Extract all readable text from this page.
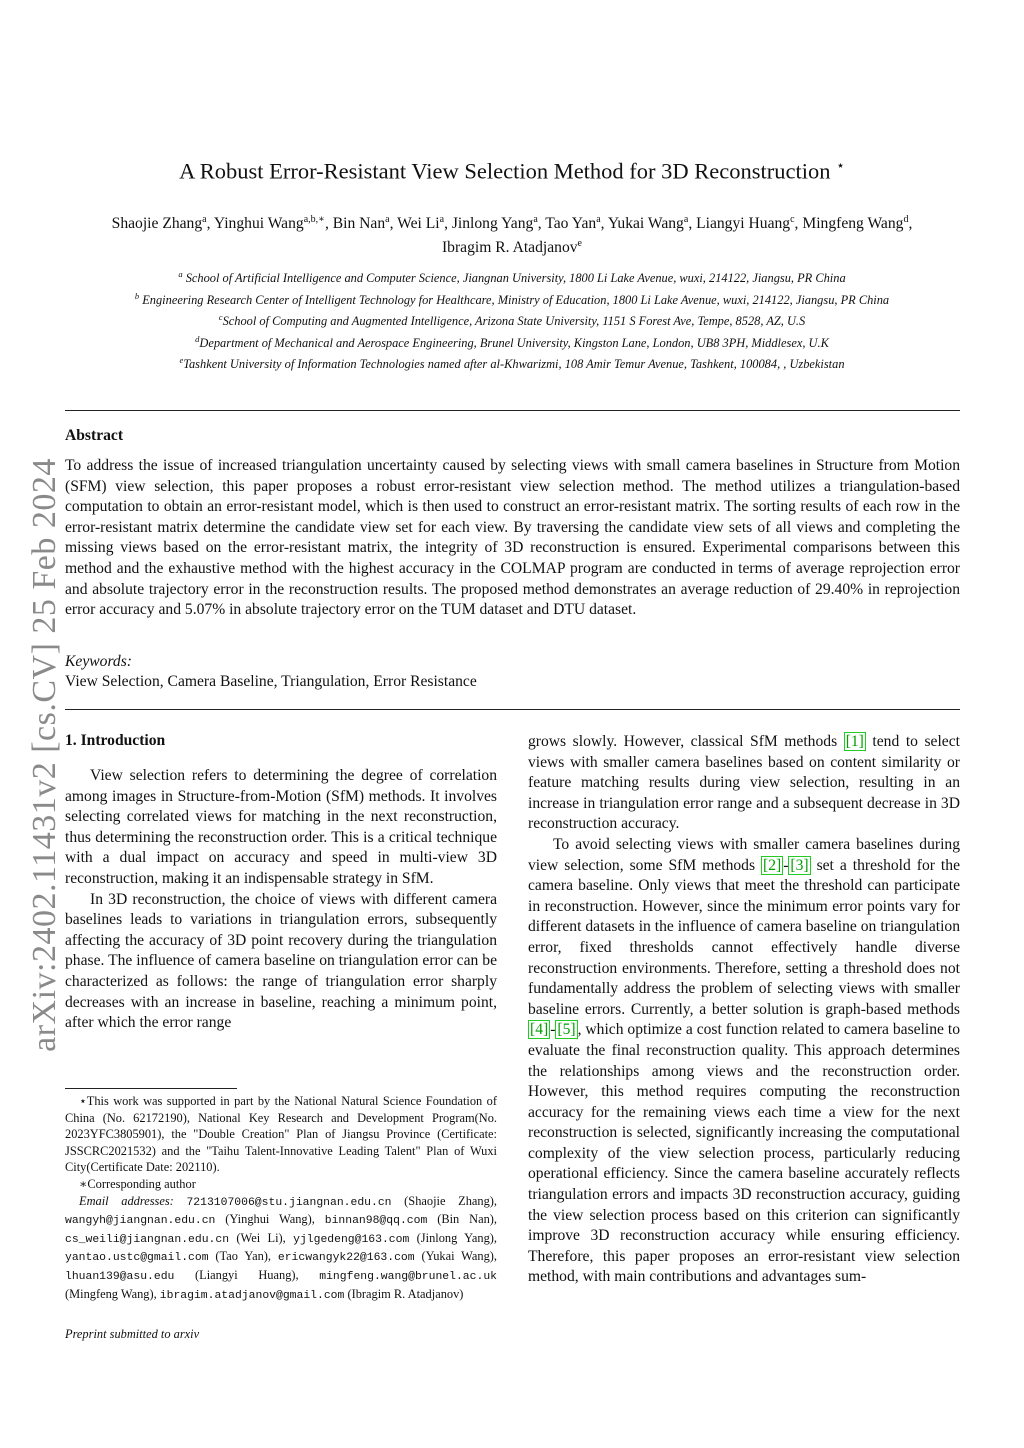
arXiv:2402.11431v2 [cs.CV] 25 Feb 2024
A Robust Error-Resistant View Selection Method for 3D Reconstruction ⋆
Shaojie Zhang$^a$, Yinghui Wang$^{a,b,∗}$, Bin Nan$^a$, Wei Li$^a$, Jinlong Yang$^a$, Tao Yan$^a$, Yukai Wang$^a$, Liangyi Huang$^c$, Mingfeng Wang$^d$,
Ibragim R. Atadjanov$^e$
$^a$ School of Artificial Intelligence and Computer Science, Jiangnan University, 1800 Li Lake Avenue, wuxi, 214122, Jiangsu, PR China
$^b$ Engineering Research Center of Intelligent Technology for Healthcare, Ministry of Education, 1800 Li Lake Avenue, wuxi, 214122, Jiangsu, PR China
$^c$School of Computing and Augmented Intelligence, Arizona State University, 1151 S Forest Ave, Tempe, 8528, AZ, U.S
$^d$Department of Mechanical and Aerospace Engineering, Brunel University, Kingston Lane, London, UB8 3PH, Middlesex, U.K
$^e$Tashkent University of Information Technologies named after al-Khwarizmi, 108 Amir Temur Avenue, Tashkent, 100084, , Uzbekistan
Abstract
To address the issue of increased triangulation uncertainty caused by selecting views with small camera baselines in Structure from Motion (SFM) view selection, this paper proposes a robust error-resistant view selection method. The method utilizes a triangulation-based computation to obtain an error-resistant model, which is then used to construct an error-resistant matrix. The sorting results of each row in the error-resistant matrix determine the candidate view set for each view. By traversing the candidate view sets of all views and completing the missing views based on the error-resistant matrix, the integrity of 3D reconstruction is ensured. Experimental comparisons between this method and the exhaustive method with the highest accuracy in the COLMAP program are conducted in terms of average reprojection error and absolute trajectory error in the reconstruction results. The proposed method demonstrates an average reduction of 29.40% in reprojection error accuracy and 5.07% in absolute trajectory error on the TUM dataset and DTU dataset.
Keywords:
View Selection, Camera Baseline, Triangulation, Error Resistance
1. Introduction

View selection refers to determining the degree of correlation among images in Structure-from-Motion (SfM) methods. It involves selecting correlated views for matching in the next reconstruction, thus determining the reconstruction order. This is a critical technique with a dual impact on accuracy and speed in multi-view 3D reconstruction, making it an indispensable strategy in SfM.

In 3D reconstruction, the choice of views with different camera baselines leads to variations in triangulation errors, subsequently affecting the accuracy of 3D point recovery during the triangulation phase. The influence of camera baseline on triangulation error can be characterized as follows: the range of triangulation error sharply decreases with an increase in baseline, reaching a minimum point, after which the error range

grows slowly. However, classical SfM methods [1] tend to select views with smaller camera baselines based on content similarity or feature matching results during view selection, resulting in an increase in triangulation error range and a subsequent decrease in 3D reconstruction accuracy.

To avoid selecting views with smaller camera baselines during view selection, some SfM methods [2] - [3] set a threshold for the camera baseline. Only views that meet the threshold can participate in reconstruction. However, since the minimum error points vary for different datasets in the influence of camera baseline on triangulation error, fixed thresholds cannot effectively handle diverse reconstruction environments. Therefore, setting a threshold does not fundamentally address the problem of selecting views with smaller baseline errors. Currently, a better solution is graph-based methods [4] - [5] , which optimize a cost function related to camera baseline to evaluate the final reconstruction quality. This approach determines the relationships among views and the reconstruction order. However, this method requires computing the reconstruction accuracy for the remaining views each time a view for the next reconstruction is selected, significantly increasing the computational complexity of the view selection process, particularly reducing operational efficiency. Since the camera baseline accurately reflects triangulation errors and impacts 3D reconstruction accuracy, guiding the view selection process based on this criterion can significantly improve 3D reconstruction accuracy while ensuring efficiency. Therefore, this paper proposes an error-resistant view selection method, with main contributions and advantages sum-

⋆This work was supported in part by the National Natural Science Foundation of China (No. 62172190), National Key Research and Development Program(No. 2023YFC3805901), the "Double Creation" Plan of Jiangsu Province (Certificate: JSSCRC2021532) and the "Taihu Talent-Innovative Leading Talent" Plan of Wuxi City(Certificate Date: 202110).

∗Corresponding author

Email addresses: 7213107006@stu.jiangnan.edu.cn (Shaojie Zhang), wangyh@jiangnan.edu.cn (Yinghui Wang), binnan98@qq.com (Bin Nan), cs_weili@jiangnan.edu.cn (Wei Li), yjlgedeng@163.com (Jinlong Yang), yantao.ustc@gmail.com (Tao Yan), ericwangyk22@163.com (Yukai Wang), lhuan139@asu.edu (Liangyi Huang), mingfeng.wang@brunel.ac.uk (Mingfeng Wang), ibragim.atadjanov@gmail.com (Ibragim R. Atadjanov)

Preprint submitted to arxiv
